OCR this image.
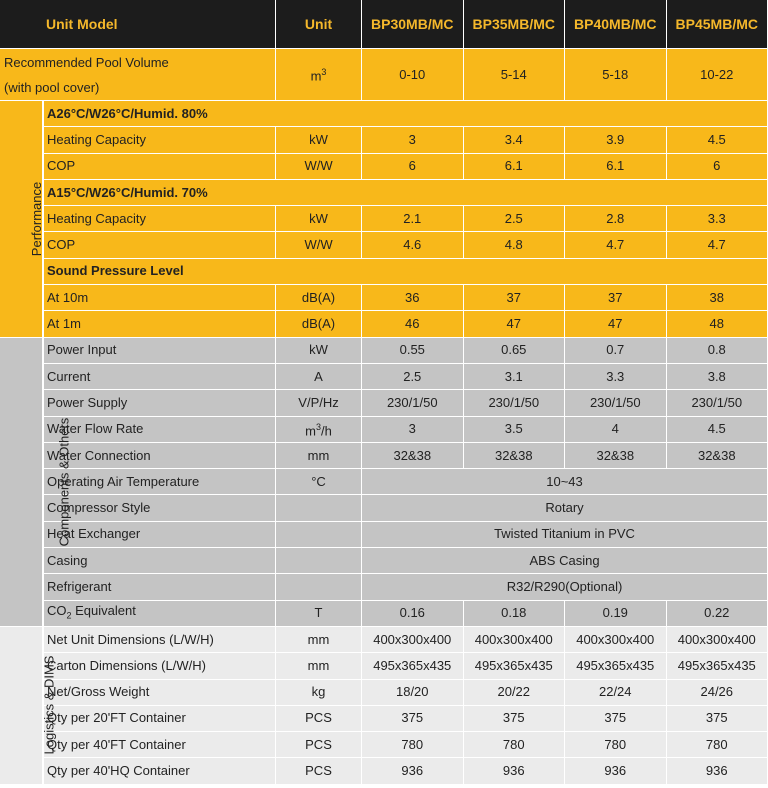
Unit Model		Unit	BP30MB/MC	BP35MB/MC	BP40MB/MC	BP45MB/MC
Recommended Pool Volume
(with pool cover)		$m^3$	0-10	5-14	5-18	10-22
Performance	A26°C/W26°C/Humid. 80%					
	Heating Capacity	kW	3	3.4	3.9	4.5
	COP	W/W	6	6.1	6.1	6
	A15°C/W26°C/Humid. 70%					
	Heating Capacity	kW	2.1	2.5	2.8	3.3
	COP	W/W	4.6	4.8	4.7	4.7
	Sound Pressure Level					
	At 10m	dB(A)	36	37	37	38
	At 1m	dB(A)	46	47	47	48
Components & Others	Power Input	kW	0.55	0.65	0.7	0.8
	Current	A	2.5	3.1	3.3	3.8
	Power Supply	V/P/Hz	230/1/50	230/1/50	230/1/50	230/1/50
	Water Flow Rate	$m^3/h$	3	3.5	4	4.5
	Water Connection	mm	32&38	32&38	32&38	32&38
	Operating Air Temperature	°C	10~43			
	Compressor Style		Rotary			
	Heat Exchanger		Twisted Titanium in PVC			
	Casing		ABS Casing			
	Refrigerant		R32/R290(Optional)			
	$CO_2$ Equivalent	T	0.16	0.18	0.19	0.22
Logistics & DIMS	Net Unit Dimensions (L/W/H)	mm	400x300x400	400x300x400	400x300x400	400x300x400
	Carton Dimensions (L/W/H)	mm	495x365x435	495x365x435	495x365x435	495x365x435
	Net/Gross Weight	kg	18/20	20/22	22/24	24/26
	Qty per 20'FT Container	PCS	375	375	375	375
	Qty per 40'FT Container	PCS	780	780	780	780
	Qty per 40'HQ Container	PCS	936	936	936	936
